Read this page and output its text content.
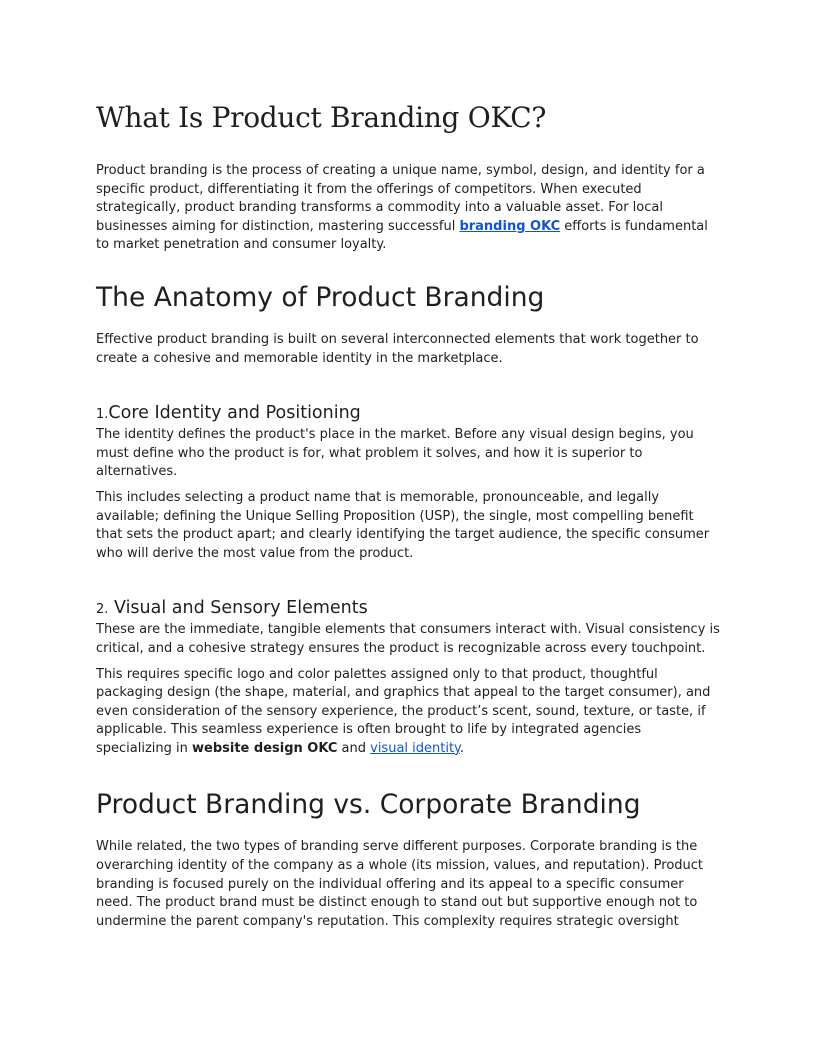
What Is Product Branding OKC?

Product branding is the process of creating a unique name, symbol, design, and identity for a specific product, differentiating it from the offerings of competitors. When executed strategically, product branding transforms a commodity into a valuable asset. For local businesses aiming for distinction, mastering successful branding OKC efforts is fundamental to market penetration and consumer loyalty.

The Anatomy of Product Branding

Effective product branding is built on several interconnected elements that work together to create a cohesive and memorable identity in the marketplace.

1.Core Identity and Positioning

The identity defines the product's place in the market. Before any visual design begins, you must define who the product is for, what problem it solves, and how it is superior to alternatives.

This includes selecting a product name that is memorable, pronounceable, and legally available; defining the Unique Selling Proposition (USP), the single, most compelling benefit that sets the product apart; and clearly identifying the target audience, the specific consumer who will derive the most value from the product.

2. Visual and Sensory Elements

These are the immediate, tangible elements that consumers interact with. Visual consistency is critical, and a cohesive strategy ensures the product is recognizable across every touchpoint.

This requires specific logo and color palettes assigned only to that product, thoughtful packaging design (the shape, material, and graphics that appeal to the target consumer), and even consideration of the sensory experience, the product’s scent, sound, texture, or taste, if applicable. This seamless experience is often brought to life by integrated agencies specializing in website design OKC and visual identity.

Product Branding vs. Corporate Branding

While related, the two types of branding serve different purposes. Corporate branding is the overarching identity of the company as a whole (its mission, values, and reputation). Product branding is focused purely on the individual offering and its appeal to a specific consumer need. The product brand must be distinct enough to stand out but supportive enough not to undermine the parent company's reputation. This complexity requires strategic oversight
